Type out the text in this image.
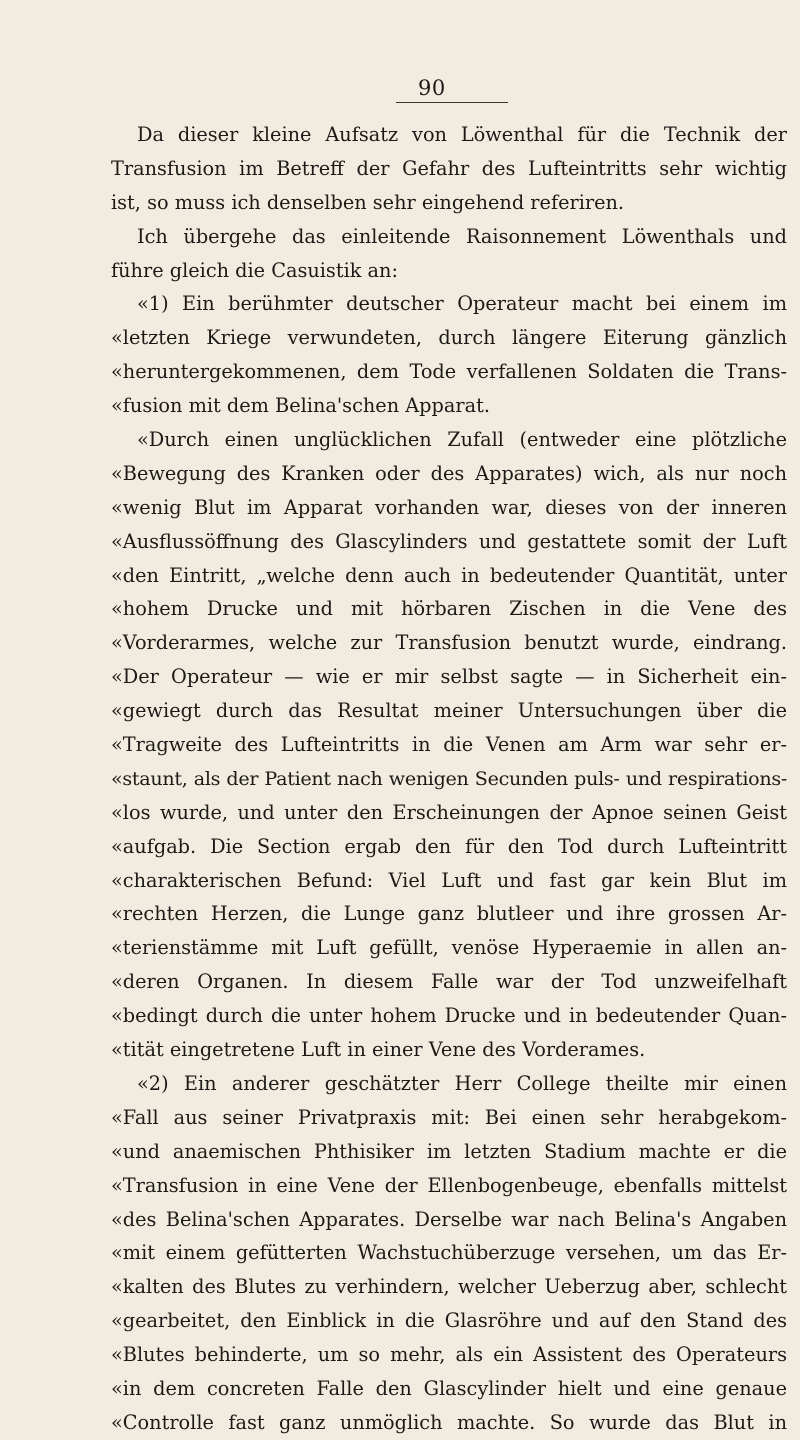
90
Da dieser kleine Aufsatz von Löwenthal für die Technik der
Transfusion im Betreff der Gefahr des Lufteintritts sehr wichtig
ist, so muss ich denselben sehr eingehend referiren.
Ich übergehe das einleitende Raisonnement Löwenthals und
führe gleich die Casuistik an:
«1) Ein berühmter deutscher Operateur macht bei einem im
«letzten Kriege verwundeten, durch längere Eiterung gänzlich
«heruntergekommenen, dem Tode verfallenen Soldaten die Trans-
«fusion mit dem Belina'schen Apparat.
«Durch einen unglücklichen Zufall (entweder eine plötzliche
«Bewegung des Kranken oder des Apparates) wich, als nur noch
«wenig Blut im Apparat vorhanden war, dieses von der inneren
«Ausflussöffnung des Glascylinders und gestattete somit der Luft
«den Eintritt, „welche denn auch in bedeutender Quantität, unter
«hohem Drucke und mit hörbaren Zischen in die Vene des
«Vorderarmes, welche zur Transfusion benutzt wurde, eindrang.
«Der Operateur — wie er mir selbst sagte — in Sicherheit ein-
«gewiegt durch das Resultat meiner Untersuchungen über die
«Tragweite des Lufteintritts in die Venen am Arm war sehr er-
«staunt, als der Patient nach wenigen Secunden puls- und respirations-
«los wurde, und unter den Erscheinungen der Apnoe seinen Geist
«aufgab. Die Section ergab den für den Tod durch Lufteintritt
«charakterischen Befund: Viel Luft und fast gar kein Blut im
«rechten Herzen, die Lunge ganz blutleer und ihre grossen Ar-
«terienstämme mit Luft gefüllt, venöse Hyperaemie in allen an-
«deren Organen. In diesem Falle war der Tod unzweifelhaft
«bedingt durch die unter hohem Drucke und in bedeutender Quan-
«tität eingetretene Luft in einer Vene des Vorderames.
«2) Ein anderer geschätzter Herr College theilte mir einen
«Fall aus seiner Privatpraxis mit: Bei einen sehr herabgekom-
«und anaemischen Phthisiker im letzten Stadium machte er die
«Transfusion in eine Vene der Ellenbogenbeuge, ebenfalls mittelst
«des Belina'schen Apparates. Derselbe war nach Belina's Angaben
«mit einem gefütterten Wachstuchüberzuge versehen, um das Er-
«kalten des Blutes zu verhindern, welcher Ueberzug aber, schlecht
«gearbeitet, den Einblick in die Glasröhre und auf den Stand des
«Blutes behinderte, um so mehr, als ein Assistent des Operateurs
«in dem concreten Falle den Glascylinder hielt und eine genaue
«Controlle fast ganz unmöglich machte. So wurde das Blut in
